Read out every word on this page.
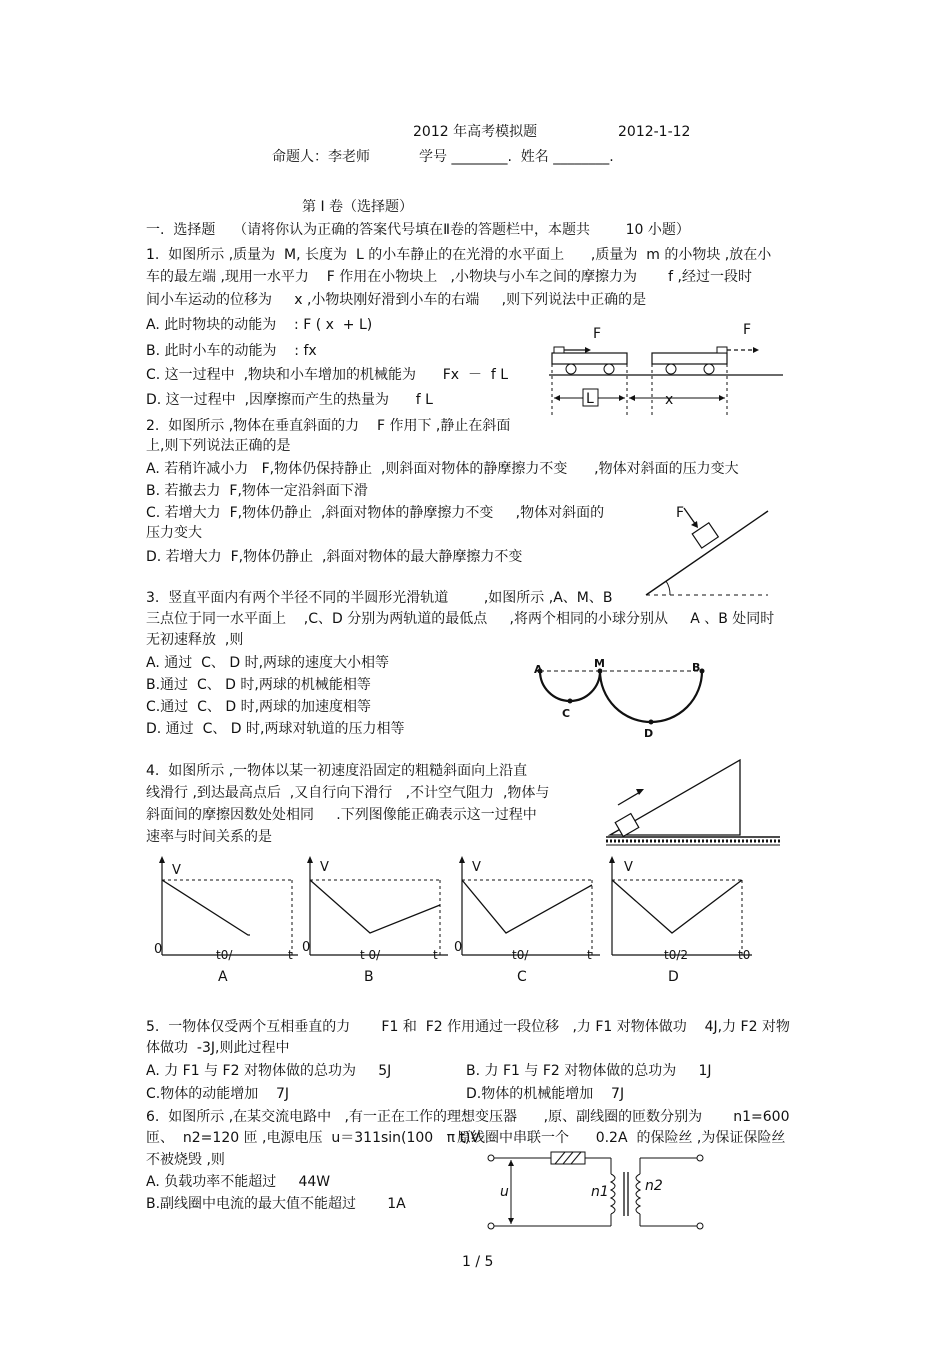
2012 年高考模拟题	2012-1-12
命题人：李老师	学号 ________.  姓名 ________.
第 I 卷（选择题）
一.  选择题    （请将你认为正确的答案代号填在Ⅱ卷的答题栏中，本题共        10 小题）
1.  如图所示 ,质量为  M, 长度为  L 的小车静止的在光滑的水平面上      ,质量为  m 的小物块 ,放在小
车的最左端 ,现用一水平力    F 作用在小物块上   ,小物块与小车之间的摩擦力为       f ,经过一段时
间小车运动的位移为     x ,小物块刚好滑到小车的右端     ,则下列说法中正确的是
A. 此时物块的动能为    : F ( x  + L)
B. 此时小车的动能为    : fx
C. 这一过程中  ,物块和小车增加的机械能为      Fx  －  f L
D. 这一过程中  ,因摩擦而产生的热量为      f L
F	F
L	x
2.  如图所示 ,物体在垂直斜面的力    F 作用下 ,静止在斜面
上,则下列说法正确的是
A. 若稍许减小力   F,物体仍保持静止  ,则斜面对物体的静摩擦力不变      ,物体对斜面的压力变大
B. 若撤去力  F,物体一定沿斜面下滑
C. 若增大力  F,物体仍静止  ,斜面对物体的静摩擦力不变     ,物体对斜面的
压力变大
D. 若增大力  F,物体仍静止  ,斜面对物体的最大静摩擦力不变
F
3.  竖直平面内有两个半径不同的半圆形光滑轨道        ,如图所示 ,A、M、B
三点位于同一水平面上    ,C、D 分别为两轨道的最低点     ,将两个相同的小球分别从     A 、B 处同时
无初速释放  ,则
A. 通过  C、 D 时,两球的速度大小相等
B.通过  C、 D 时,两球的机械能相等
C.通过  C、 D 时,两球的加速度相等
D. 通过  C、 D 时,两球对轨道的压力相等
A	M	B
C
D
4.  如图所示 ,一物体以某一初速度沿固定的粗糙斜面向上沿直
线滑行 ,到达最高点后  ,又自行向下滑行   ,不计空气阻力  ,物体与
斜面间的摩擦因数处处相同     .下列图像能正确表示这一过程中
速率与时间关系的是
V
0	t0/	t
A
V
0	t 0/	t
B
V
0	t0/	t
C
V
t0/2	t0
D
5.  一物体仅受两个互相垂直的力       F1 和  F2 作用通过一段位移   ,力 F1 对物体做功    4J,力 F2 对物
体做功  -3J,则此过程中
A. 力 F1 与 F2 对物体做的总功为     5J	B. 力 F1 与 F2 对物体做的总功为     1J
C.物体的动能增加    7J	D.物体的机械能增加    7J
6.  如图所示 ,在某交流电路中   ,有一正在工作的理想变压器      ,原、副线圈的匝数分别为       n1=600
匝、  n2=120 匝 ,电源电压  u＝311sin(100   π t)V
原线圈中串联一个      0.2A  的保险丝 ,为保证保险丝
不被烧毁 ,则
A. 负载功率不能超过     44W
B.副线圈中电流的最大值不能超过       1A
u	n1	n2
1 / 5
